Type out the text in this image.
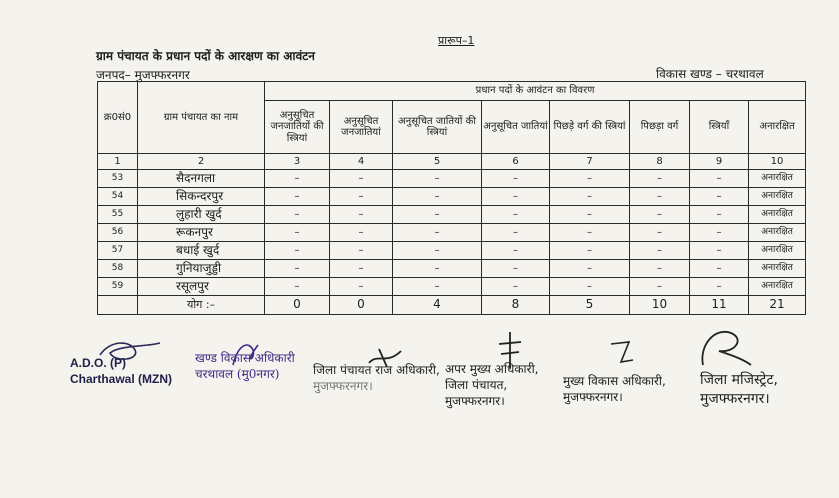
प्रारूप–1
ग्राम पंचायत के प्रधान पदों के आरक्षण का आवंटन
जनपद– मुजफ्फरनगर	विकास खण्ड – चरथावल
क्र0सं0	ग्राम पंचायत का नाम	प्रधान पदों के आवंटन का विवरण							
		अनुसूचित जनजातियों की स्त्रियां	अनुसूचित जनजातियां	अनुसूचित जातियों की स्त्रियां	अनुसूचित जातियां	पिछड़े वर्ग की स्त्रियां	पिछड़ा वर्ग	स्त्रियाँ	अनारक्षित
1	2	3	4	5	6	7	8	9	10
53	सैदनगला	–	–	–	–	–	–	–	अनारक्षित
54	सिकन्दरपुर	–	–	–	–	–	–	–	अनारक्षित
55	लुहारी खुर्द	–	–	–	–	–	–	–	अनारक्षित
56	रूकनपुर	–	–	–	–	–	–	–	अनारक्षित
57	बधाई खुर्द	–	–	–	–	–	–	–	अनारक्षित
58	गुनियाजुड्डी	–	–	–	–	–	–	–	अनारक्षित
59	रसूलपुर	–	–	–	–	–	–	–	अनारक्षित
	योग :–	0	0	4	8	5	10	11	21
A.D.O. (P)
Charthawal (MZN)
खण्ड विकास अधिकारी
चरथावल (मु0नगर)	जिला पंचायत राज अधिकारी,
मुजफ्फरनगर।
अपर मुख्य अधिकारी,
जिला पंचायत,
मुजफ्फरनगर।
मुख्य विकास अधिकारी,
मुजफ्फरनगर।
जिला मजिस्ट्रेट,
मुजफ्फरनगर।
